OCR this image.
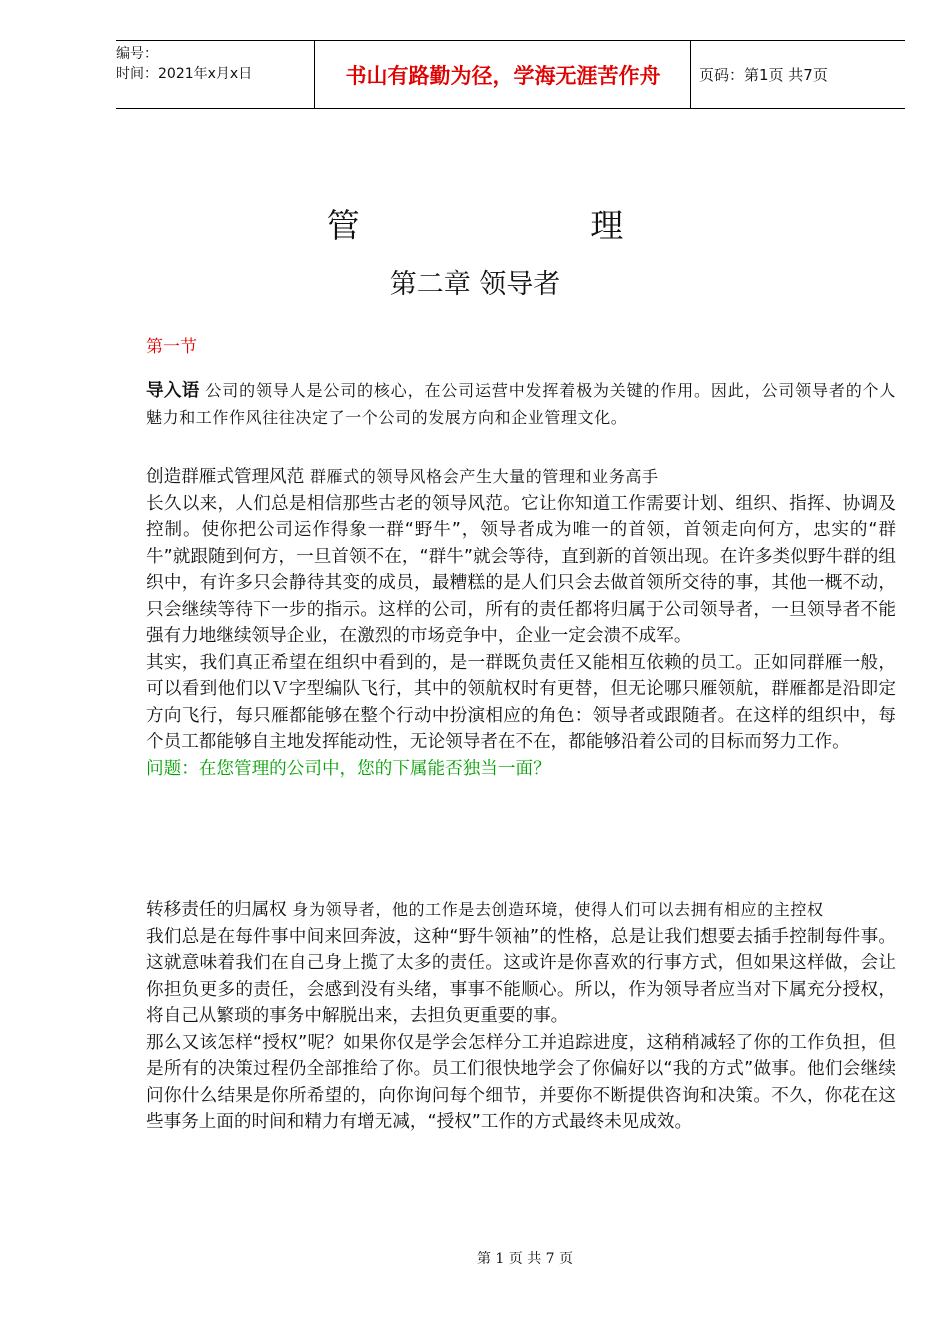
编号：
时间：2021年x月x日	书山有路勤为径，学海无涯苦作舟	页码：第1页 共7页
管 理
第二章 领导者
第一节

导入语 公司的领导人是公司的核心，在公司运营中发挥着极为关键的作用。因此，公司领导者的个人魅力和工作作风往往决定了一个公司的发展方向和企业管理文化。

创造群雁式管理风范 群雁式的领导风格会产生大量的管理和业务高手

长久以来，人们总是相信那些古老的领导风范。它让你知道工作需要计划、组织、指挥、协调及控制。使你把公司运作得象一群“野牛”，领导者成为唯一的首领，首领走向何方，忠实的“群牛”就跟随到何方，一旦首领不在，“群牛”就会等待，直到新的首领出现。在许多类似野牛群的组织中，有许多只会静待其变的成员，最糟糕的是人们只会去做首领所交待的事，其他一概不动，只会继续等待下一步的指示。这样的公司，所有的责任都将归属于公司领导者，一旦领导者不能强有力地继续领导企业，在激烈的市场竞争中，企业一定会溃不成军。

其实，我们真正希望在组织中看到的，是一群既负责任又能相互依赖的员工。正如同群雁一般，可以看到他们以Ｖ字型编队飞行，其中的领航权时有更替，但无论哪只雁领航，群雁都是沿即定方向飞行，每只雁都能够在整个行动中扮演相应的角色：领导者或跟随者。在这样的组织中，每个员工都能够自主地发挥能动性，无论领导者在不在，都能够沿着公司的目标而努力工作。

问题：在您管理的公司中，您的下属能否独当一面？

转移责任的归属权 身为领导者，他的工作是去创造环境，使得人们可以去拥有相应的主控权

我们总是在每件事中间来回奔波，这种“野牛领袖”的性格，总是让我们想要去插手控制每件事。这就意味着我们在自己身上揽了太多的责任。这或许是你喜欢的行事方式，但如果这样做，会让你担负更多的责任，会感到没有头绪，事事不能顺心。所以，作为领导者应当对下属充分授权，将自己从繁琐的事务中解脱出来，去担负更重要的事。

那么又该怎样“授权”呢？如果你仅是学会怎样分工并追踪进度，这稍稍减轻了你的工作负担，但是所有的决策过程仍全部推给了你。员工们很快地学会了你偏好以“我的方式”做事。他们会继续问你什么结果是你所希望的，向你询问每个细节，并要你不断提供咨询和决策。不久，你花在这些事务上面的时间和精力有增无减，“授权”工作的方式最终未见成效。

第 1 页 共 7 页
